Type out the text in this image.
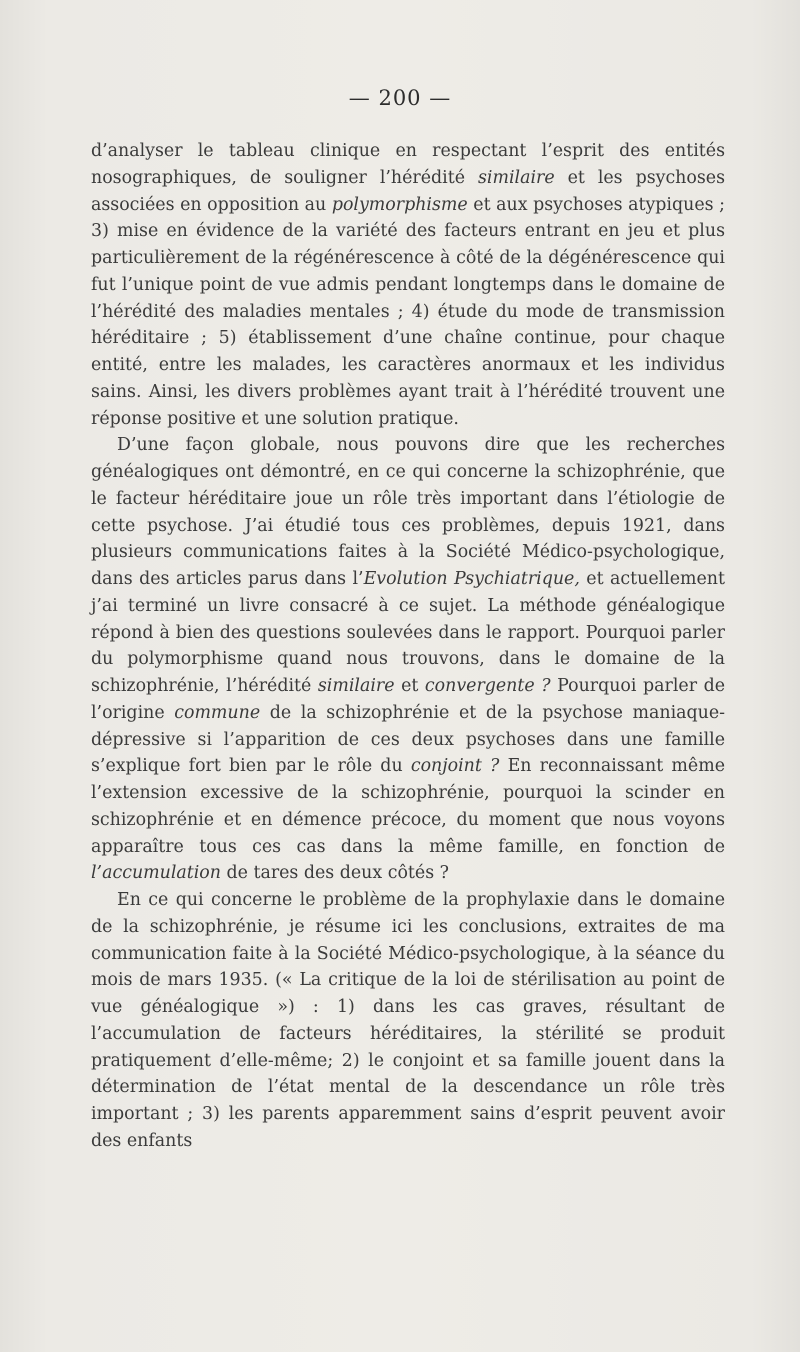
— 200 —

d’analyser le tableau clinique en respectant l’esprit des entités nosographiques, de souligner l’hérédité similaire et les psychoses associées en opposition au polymorphisme et aux psychoses atypiques ; 3) mise en évidence de la variété des facteurs entrant en jeu et plus particulièrement de la régénérescence à côté de la dégénérescence qui fut l’unique point de vue admis pendant longtemps dans le domaine de l’hérédité des maladies mentales ; 4) étude du mode de transmission héréditaire ; 5) établissement d’une chaîne continue, pour chaque entité, entre les malades, les caractères anormaux et les individus sains. Ainsi, les divers problèmes ayant trait à l’hérédité trouvent une réponse positive et une solution pratique.

D’une façon globale, nous pouvons dire que les recherches généalogiques ont démontré, en ce qui concerne la schizophrénie, que le facteur héréditaire joue un rôle très important dans l’étiologie de cette psychose. J’ai étudié tous ces problèmes, depuis 1921, dans plusieurs communications faites à la Société Médico-psychologique, dans des articles parus dans l’Evolution Psychiatrique, et actuellement j’ai terminé un livre consacré à ce sujet. La méthode généalogique répond à bien des questions soulevées dans le rapport. Pourquoi parler du polymorphisme quand nous trouvons, dans le domaine de la schizophrénie, l’hérédité similaire et convergente ? Pourquoi parler de l’origine commune de la schizophrénie et de la psychose maniaque-dépressive si l’apparition de ces deux psychoses dans une famille s’explique fort bien par le rôle du conjoint ? En reconnaissant même l’extension excessive de la schizophrénie, pourquoi la scinder en schizophrénie et en démence précoce, du moment que nous voyons apparaître tous ces cas dans la même famille, en fonction de l’accumulation de tares des deux côtés ?

En ce qui concerne le problème de la prophylaxie dans le domaine de la schizophrénie, je résume ici les conclusions, extraites de ma communication faite à la Société Médico-psychologique, à la séance du mois de mars 1935. (« La critique de la loi de stérilisation au point de vue généalogique ») : 1) dans les cas graves, résultant de l’accumulation de facteurs héréditaires, la stérilité se produit pratiquement d’elle-même; 2) le conjoint et sa famille jouent dans la détermination de l’état mental de la descendance un rôle très important ; 3) les parents apparemment sains d’esprit peuvent avoir des enfants
